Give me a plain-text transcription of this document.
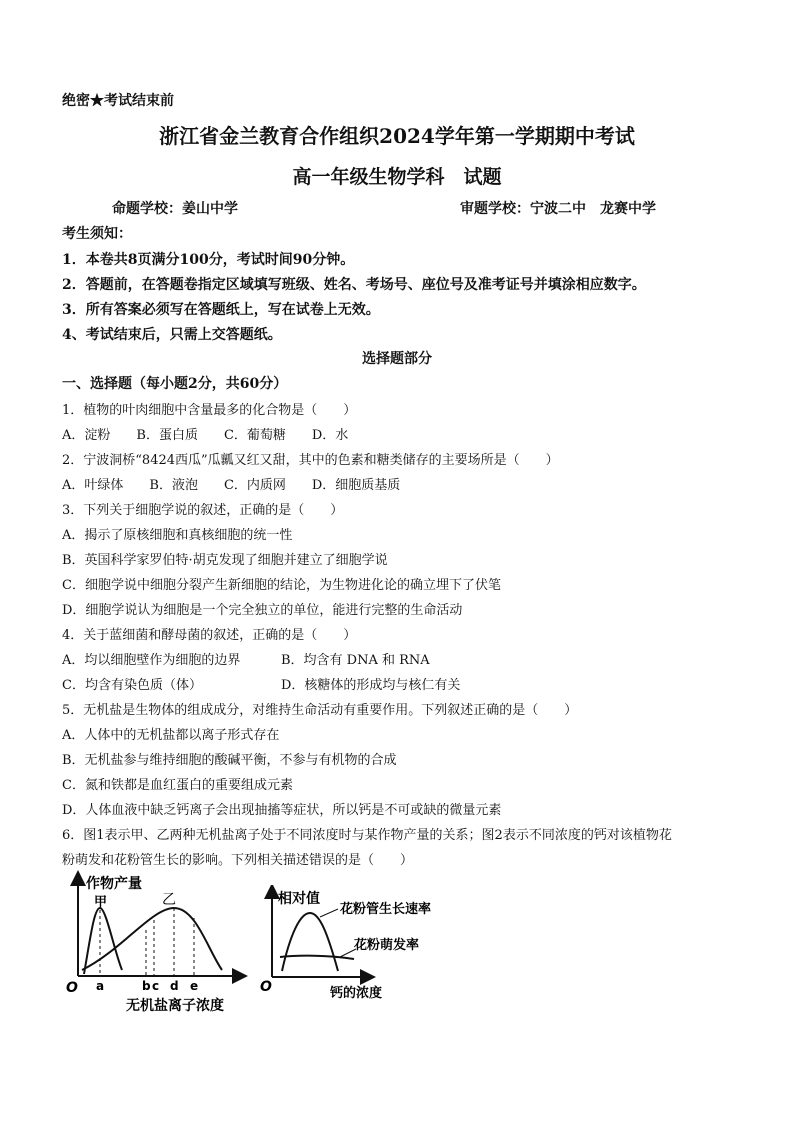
绝密★考试结束前
浙江省金兰教育合作组织2024学年第一学期期中考试
高一年级生物学科　试题
命题学校：姜山中学	审题学校：宁波二中　龙赛中学
考生须知：
1．本卷共8页满分100分，考试时间90分钟。
2．答题前，在答题卷指定区域填写班级、姓名、考场号、座位号及准考证号并填涂相应数字。
3．所有答案必须写在答题纸上，写在试卷上无效。
4、考试结束后，只需上交答题纸。
选择题部分
一、选择题（每小题2分，共60分）
1．植物的叶肉细胞中含量最多的化合物是（　　）
A．淀粉　　B．蛋白质　　C．葡萄糖　　D．水
2．宁波洞桥“8424西瓜”瓜瓤又红又甜，其中的色素和糖类储存的主要场所是（　　）
A．叶绿体　　B．液泡　　C．内质网　　D．细胞质基质
3．下列关于细胞学说的叙述，正确的是（　　）
A．揭示了原核细胞和真核细胞的统一性
B．英国科学家罗伯特·胡克发现了细胞并建立了细胞学说
C．细胞学说中细胞分裂产生新细胞的结论，为生物进化论的确立埋下了伏笔
D．细胞学说认为细胞是一个完全独立的单位，能进行完整的生命活动
4．关于蓝细菌和酵母菌的叙述，正确的是（　　）
A．均以细胞壁作为细胞的边界	B．均含有 DNA 和 RNA
C．均含有染色质（体）	D．核糖体的形成均与核仁有关
5．无机盐是生物体的组成成分，对维持生命活动有重要作用。下列叙述正确的是（　　）
A．人体中的无机盐都以离子形式存在
B．无机盐参与维持细胞的酸碱平衡，不参与有机物的合成
C．氮和铁都是血红蛋白的重要组成元素
D．人体血液中缺乏钙离子会出现抽搐等症状，所以钙是不可或缺的微量元素
6．图1表示甲、乙两种无机盐离子处于不同浓度时与某作物产量的关系；图2表示不同浓度的钙对该植物花
粉萌发和花粉管生长的影响。下列相关描述错误的是（　　）
作物产量
甲	乙
O a	b c d e
无机盐离子浓度
相对值
花粉管生长速率
花粉萌发率
O	钙的浓度
